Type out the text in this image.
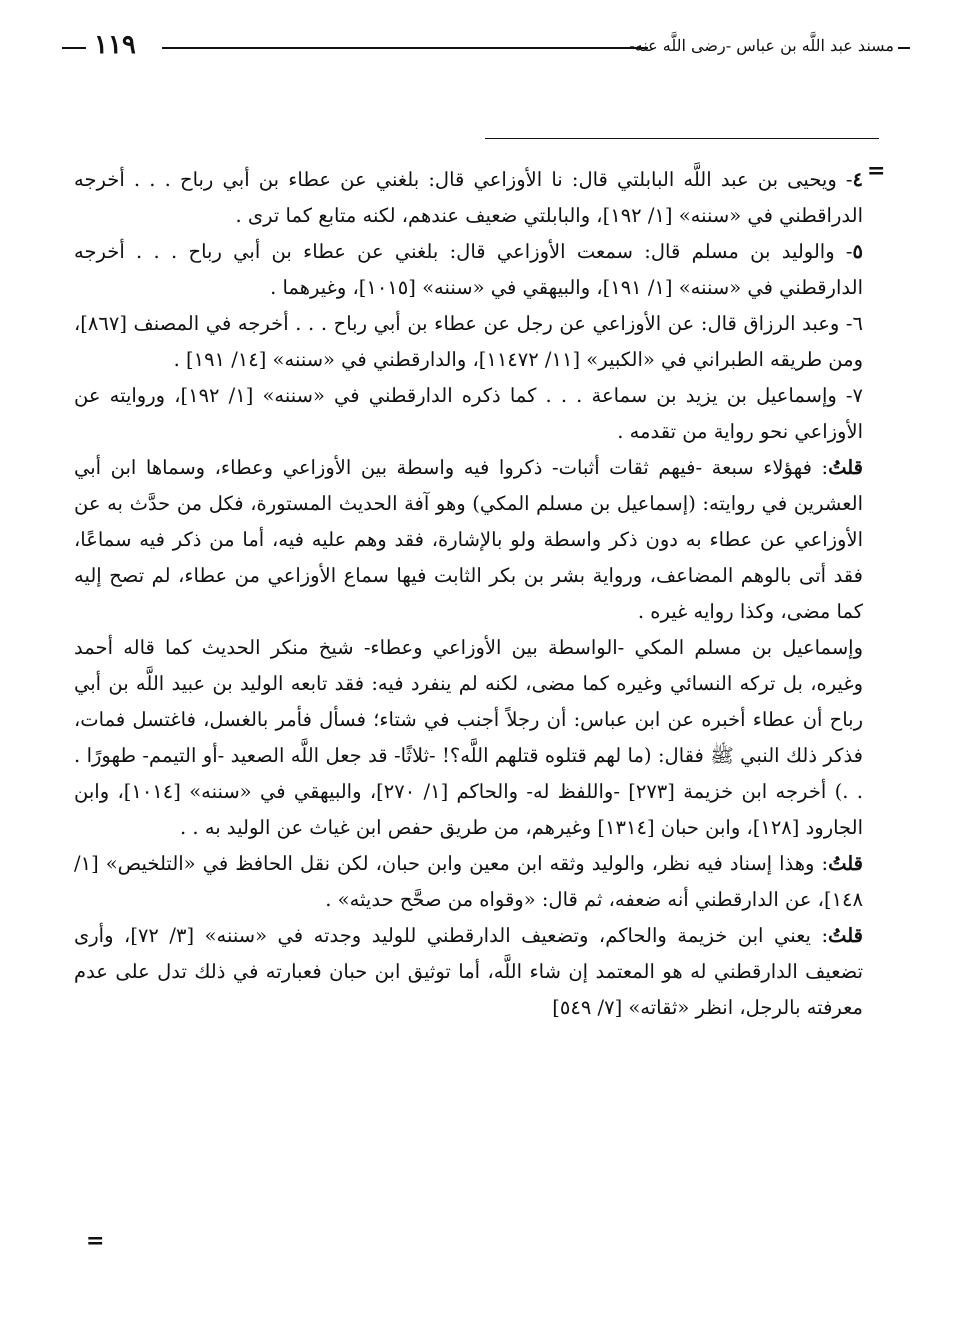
مسند عبد اللَّه بن عباس -رضى اللَّه عنه-
١١٩
=

٤- ويحيى بن عبد اللَّه البابلتي قال: نا الأوزاعي قال: بلغني عن عطاء بن أبي رباح . . . أخرجه الدراقطني في «سننه» [١/ ١٩٢]، والبابلتي ضعيف عندهم، لكنه متابع كما ترى .

٥- والوليد بن مسلم قال: سمعت الأوزاعي قال: بلغني عن عطاء بن أبي رباح . . . أخرجه الدارقطني في «سننه» [١/ ١٩١]، والبيهقي في «سننه» [١٠١٥]، وغيرهما .

٦- وعبد الرزاق قال: عن الأوزاعي عن رجل عن عطاء بن أبي رباح . . . أخرجه في المصنف [٨٦٧]، ومن طريقه الطبراني في «الكبير» [١١/ ١١٤٧٢]، والدارقطني في «سننه» [١٤/ ١٩١] .

٧- وإسماعيل بن يزيد بن سماعة . . . كما ذكره الدارقطني في «سننه» [١/ ١٩٢]، وروايته عن الأوزاعي نحو رواية من تقدمه .

قلتُ: فهؤلاء سبعة -فيهم ثقات أثبات- ذكروا فيه واسطة بين الأوزاعي وعطاء، وسماها ابن أبي العشرين في روايته: (إسماعيل بن مسلم المكي) وهو آفة الحديث المستورة، فكل من حدَّث به عن الأوزاعي عن عطاء به دون ذكر واسطة ولو بالإشارة، فقد وهم عليه فيه، أما من ذكر فيه سماعًا، فقد أتى بالوهم المضاعف، ورواية بشر بن بكر الثابت فيها سماع الأوزاعي من عطاء، لم تصح إليه كما مضى، وكذا روايه غيره .

وإسماعيل بن مسلم المكي -الواسطة بين الأوزاعي وعطاء- شيخ منكر الحديث كما قاله أحمد وغيره، بل تركه النسائي وغيره كما مضى، لكنه لم ينفرد فيه: فقد تابعه الوليد بن عبيد اللَّه بن أبي رباح أن عطاء أخبره عن ابن عباس: أن رجلاً أجنب في شتاء؛ فسأل فأمر بالغسل، فاغتسل فمات، فذكر ذلك النبي ﷺ فقال: (ما لهم قتلوه قتلهم اللَّه؟! -ثلاثًا- قد جعل اللَّه الصعيد -أو التيمم- طهورًا . . .) أخرجه ابن خزيمة [٢٧٣] -واللفظ له- والحاكم [١/ ٢٧٠]، والبيهقي في «سننه» [١٠١٤]، وابن الجارود [١٢٨]، وابن حبان [١٣١٤] وغيرهم، من طريق حفص ابن غياث عن الوليد به . .

قلتُ: وهذا إسناد فيه نظر، والوليد وثقه ابن معين وابن حبان، لكن نقل الحافظ في «التلخيص» [١/ ١٤٨]، عن الدارقطني أنه ضعفه، ثم قال: «وقواه من صحَّح حديثه» .

قلتُ: يعني ابن خزيمة والحاكم، وتضعيف الدارقطني للوليد وجدته في «سننه» [٣/ ٧٢]، وأرى تضعيف الدارقطني له هو المعتمد إن شاء اللَّه، أما توثيق ابن حبان فعبارته في ذلك تدل على عدم معرفته بالرجل، انظر «ثقاته» [٧/ ٥٤٩]

=
